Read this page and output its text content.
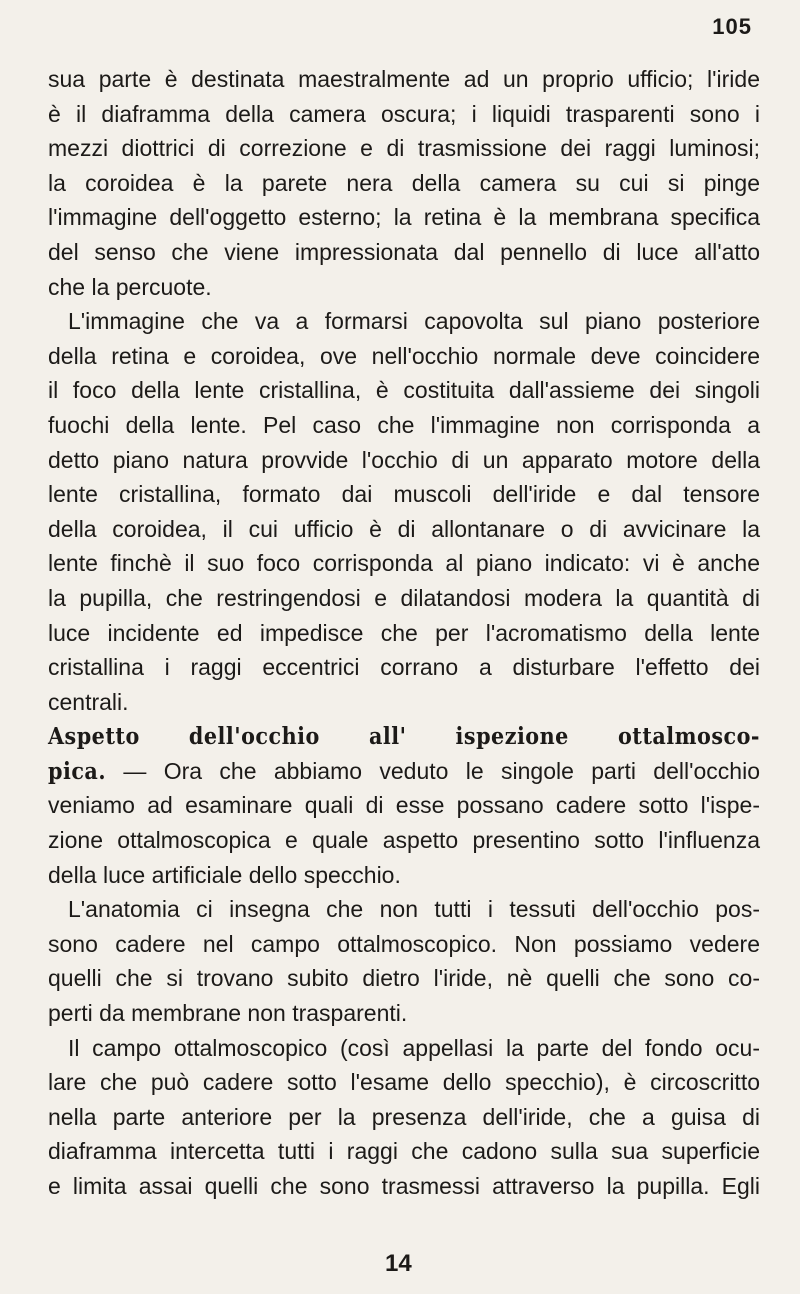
105
sua parte è destinata maestralmente ad un proprio ufficio; l'iride
è il diaframma della camera oscura; i liquidi trasparenti sono i
mezzi diottrici di correzione e di trasmissione dei raggi luminosi;
la coroidea è la parete nera della camera su cui si pinge
l'immagine dell'oggetto esterno; la retina è la membrana specifica
del senso che viene impressionata dal pennello di luce all'atto
che la percuote.
L'immagine che va a formarsi capovolta sul piano posteriore
della retina e coroidea, ove nell'occhio normale deve coincidere
il foco della lente cristallina, è costituita dall'assieme dei singoli
fuochi della lente. Pel caso che l'immagine non corrisponda a
detto piano natura provvide l'occhio di un apparato motore della
lente cristallina, formato dai muscoli dell'iride e dal tensore
della coroidea, il cui ufficio è di allontanare o di avvicinare la
lente finchè il suo foco corrisponda al piano indicato: vi è anche
la pupilla, che restringendosi e dilatandosi modera la quantità di
luce incidente ed impedisce che per l'acromatismo della lente
cristallina i raggi eccentrici corrano a disturbare l'effetto dei
centrali.
Aspetto dell'occhio all' ispezione ottalmosco-
pica. — Ora che abbiamo veduto le singole parti dell'occhio
veniamo ad esaminare quali di esse possano cadere sotto l'ispe-
zione ottalmoscopica e quale aspetto presentino sotto l'influenza
della luce artificiale dello specchio.
L'anatomia ci insegna che non tutti i tessuti dell'occhio pos-
sono cadere nel campo ottalmoscopico. Non possiamo vedere
quelli che si trovano subito dietro l'iride, nè quelli che sono co-
perti da membrane non trasparenti.
Il campo ottalmoscopico (così appellasi la parte del fondo ocu-
lare che può cadere sotto l'esame dello specchio), è circoscritto
nella parte anteriore per la presenza dell'iride, che a guisa di
diaframma intercetta tutti i raggi che cadono sulla sua superficie
e limita assai quelli che sono trasmessi attraverso la pupilla. Egli
14
